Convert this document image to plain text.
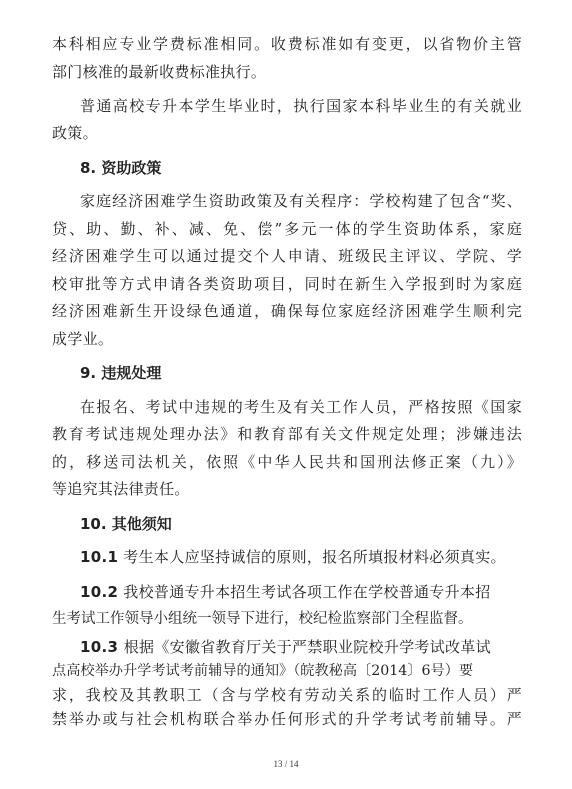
本科相应专业学费标准相同。收费标准如有变更，以省物价主管
部门核准的最新收费标准执行。
普通高校专升本学生毕业时，执行国家本科毕业生的有关就业
政策。
8. 资助政策
家庭经济困难学生资助政策及有关程序：学校构建了包含“奖、
贷、助、勤、补、减、免、偿”多元一体的学生资助体系，家庭
经济困难学生可以通过提交个人申请、班级民主评议、学院、学
校审批等方式申请各类资助项目，同时在新生入学报到时为家庭
经济困难新生开设绿色通道，确保每位家庭经济困难学生顺利完
成学业。
9. 违规处理
在报名、考试中违规的考生及有关工作人员，严格按照《国家
教育考试违规处理办法》和教育部有关文件规定处理；涉嫌违法
的，移送司法机关，依照《中华人民共和国刑法修正案（九）》
等追究其法律责任。
10. 其他须知
10.1 考生本人应坚持诚信的原则，报名所填报材料必须真实。
10.2 我校普通专升本招生考试各项工作在学校普通专升本招
生考试工作领导小组统一领导下进行，校纪检监察部门全程监督。
13 / 14
10.3 根据《安徽省教育厅关于严禁职业院校升学考试改革试
点高校举办升学考试考前辅导的通知》（皖教秘高〔2014〕6号）要
求，我校及其教职工（含与学校有劳动关系的临时工作人员）严
禁举办或与社会机构联合举办任何形式的升学考试考前辅导。严
